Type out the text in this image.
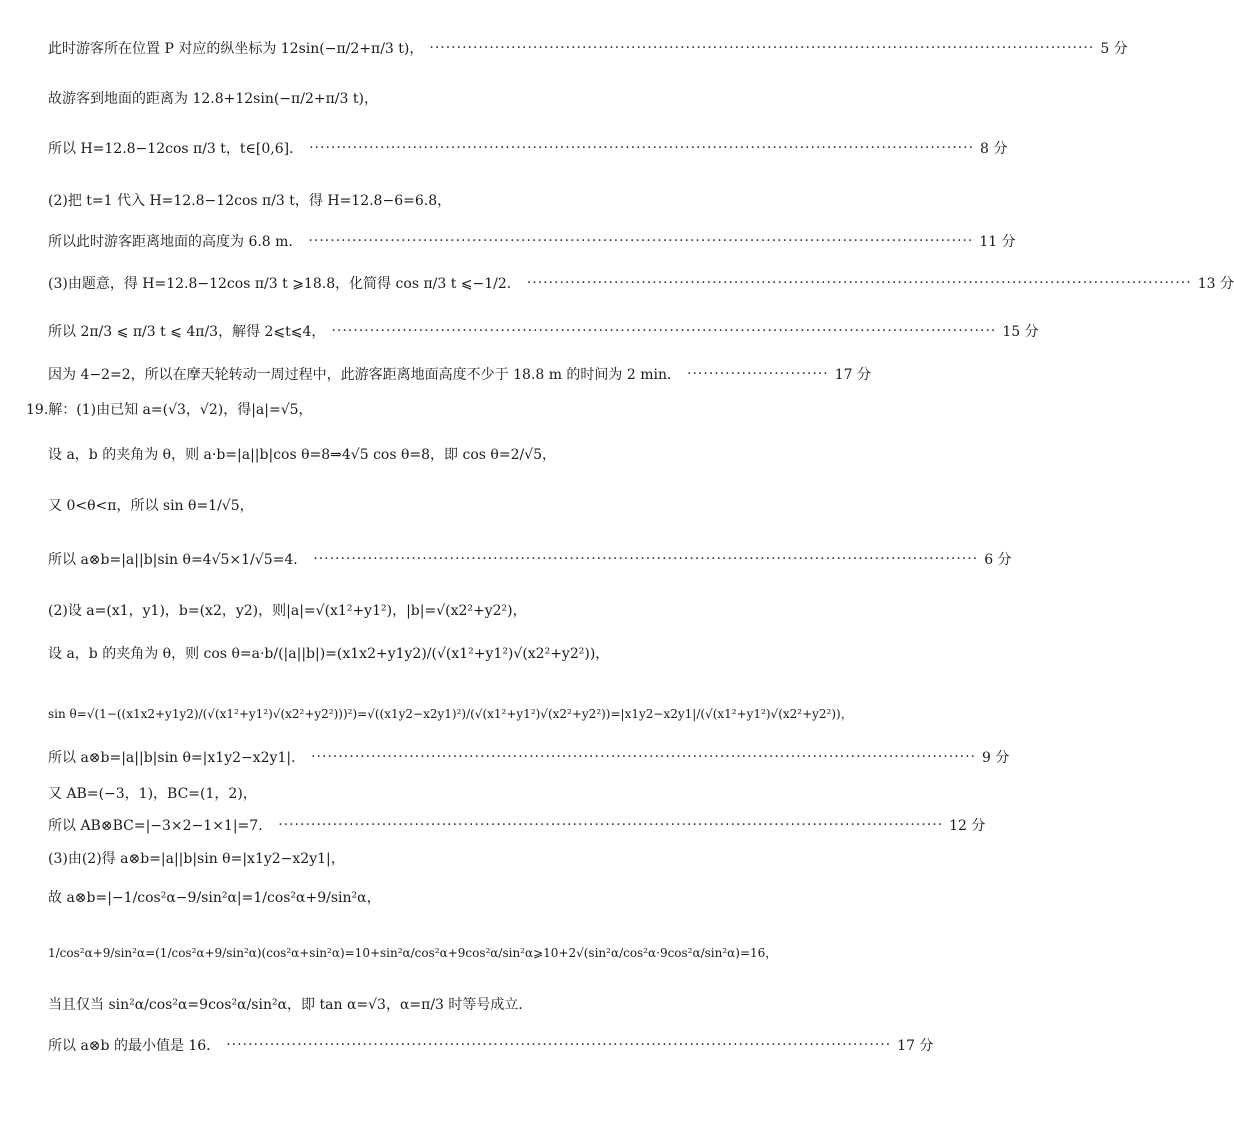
此时游客所在位置 P 对应的纵坐标为 12sin(−π/2+π/3 t)， ·························································································································· 5 分
故游客到地面的距离为 12.8+12sin(−π/2+π/3 t)，
所以 H=12.8−12cos π/3 t，t∈[0,6]． ·························································································································· 8 分
(2)把 t=1 代入 H=12.8−12cos π/3 t，得 H=12.8−6=6.8，
所以此时游客距离地面的高度为 6.8 m． ·························································································································· 11 分
(3)由题意，得 H=12.8−12cos π/3 t ⩾18.8，化简得 cos π/3 t ⩽−1/2． ·························································································································· 13 分
所以 2π/3 ⩽ π/3 t ⩽ 4π/3，解得 2⩽t⩽4， ·························································································································· 15 分
因为 4−2=2，所以在摩天轮转动一周过程中，此游客距离地面高度不少于 18.8 m 的时间为 2 min． ·························· 17 分
19.解：(1)由已知 a=(√3，√2)，得|a|=√5，
设 a，b 的夹角为 θ，则 a·b=|a||b|cos θ=8⇒4√5 cos θ=8，即 cos θ=2/√5，
又 0<θ<π，所以 sin θ=1/√5，
所以 a⊗b=|a||b|sin θ=4√5×1/√5=4． ·························································································································· 6 分
(2)设 a=(x1，y1)，b=(x2，y2)，则|a|=√(x1²+y1²)，|b|=√(x2²+y2²)，
设 a，b 的夹角为 θ，则 cos θ=a·b/(|a||b|)=(x1x2+y1y2)/(√(x1²+y1²)√(x2²+y2²))，
sin θ=√(1−((x1x2+y1y2)/(√(x1²+y1²)√(x2²+y2²)))²)=√((x1y2−x2y1)²)/(√(x1²+y1²)√(x2²+y2²))=|x1y2−x2y1|/(√(x1²+y1²)√(x2²+y2²))，
所以 a⊗b=|a||b|sin θ=|x1y2−x2y1|． ·························································································································· 9 分
又 AB=(−3，1)，BC=(1，2)，
所以 AB⊗BC=|−3×2−1×1|=7． ·························································································································· 12 分
(3)由(2)得 a⊗b=|a||b|sin θ=|x1y2−x2y1|，
故 a⊗b=|−1/cos²α−9/sin²α|=1/cos²α+9/sin²α，
1/cos²α+9/sin²α=(1/cos²α+9/sin²α)(cos²α+sin²α)=10+sin²α/cos²α+9cos²α/sin²α⩾10+2√(sin²α/cos²α·9cos²α/sin²α)=16，
当且仅当 sin²α/cos²α=9cos²α/sin²α，即 tan α=√3，α=π/3 时等号成立．
所以 a⊗b 的最小值是 16． ·························································································································· 17 分
